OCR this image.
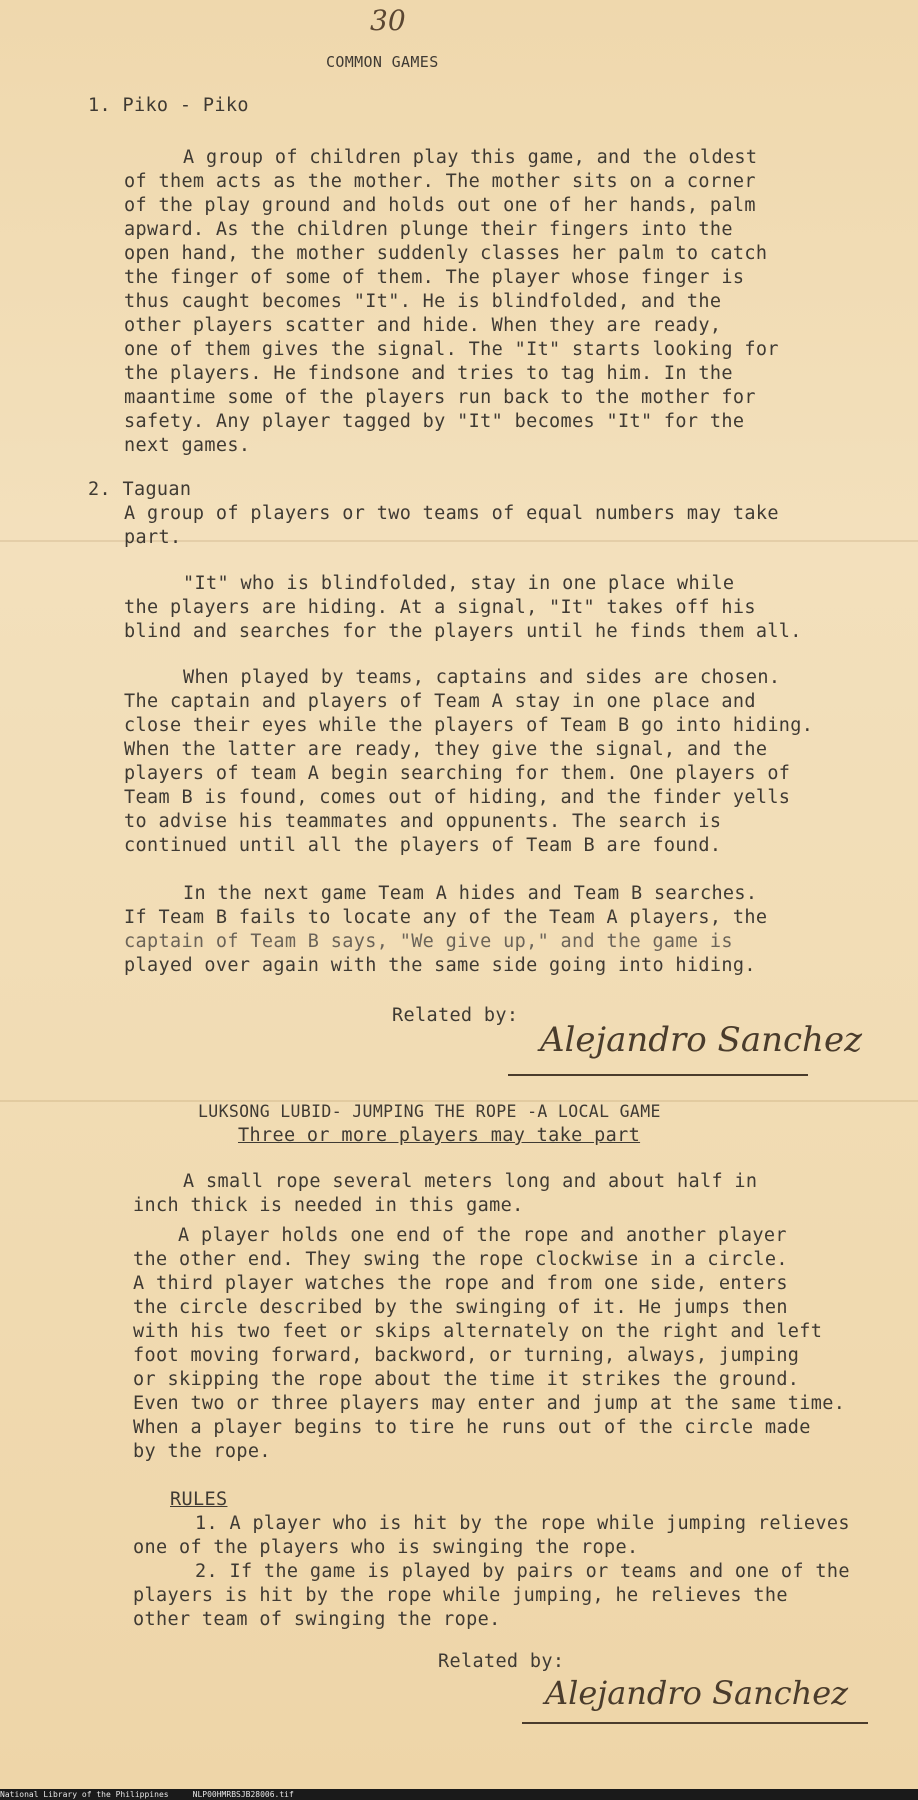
30
COMMON GAMES
1. Piko - Piko
A group of children play this game, and the oldest
of them acts as the mother. The mother sits on a corner
of the play ground and holds out one of her hands, palm
apward. As the children plunge their fingers into the
open hand, the mother suddenly classes her palm to catch
the finger of some of them. The player whose finger is
thus caught becomes "It". He is blindfolded, and the
other players scatter and hide. When they are ready,
one of them gives the signal. The "It" starts looking for
the players. He findsone and tries to tag him. In the
maantime some of the players run back to the mother for
safety. Any player tagged by "It" becomes "It" for the
next games.
2. Taguan
A group of players or two teams of equal numbers may take
part.
"It" who is blindfolded, stay in one place while
the players are hiding. At a signal, "It" takes off his
blind and searches for the players until he finds them all.
When played by teams, captains and sides are chosen.
The captain and players of Team A stay in one place and
close their eyes while the players of Team B go into hiding.
When the latter are ready, they give the signal, and the
players of team A begin searching for them. One players of
Team B is found, comes out of hiding, and the finder yells
to advise his teammates and oppunents. The search is
continued until all the players of Team B are found.
In the next game Team A hides and Team B searches.
If Team B fails to locate any of the Team A players, the
captain of Team B says, "We give up," and the game is
played over again with the same side going into hiding.
Related by:
Alejandro Sanchez
LUKSONG LUBID- JUMPING THE ROPE -A LOCAL GAME
Three or more players may take part
A small rope several meters long and about half in
inch thick is needed in this game.
A player holds one end of the rope and another player
the other end. They swing the rope clockwise in a circle.
A third player watches the rope and from one side, enters
the circle described by the swinging of it. He jumps then
with his two feet or skips alternately on the right and left
foot moving forward, backword, or turning, always, jumping
or skipping the rope about the time it strikes the ground.
Even two or three players may enter and jump at the same time.
When a player begins to tire he runs out of the circle made
by the rope.
RULES
1. A player who is hit by the rope while jumping relieves
one of the players who is swinging the rope.
2. If the game is played by pairs or teams and one of the
players is hit by the rope while jumping, he relieves the
other team of swinging the rope.
Related by:
Alejandro Sanchez
National Library of the Philippines     NLP00HMRBSJB28006.tif
